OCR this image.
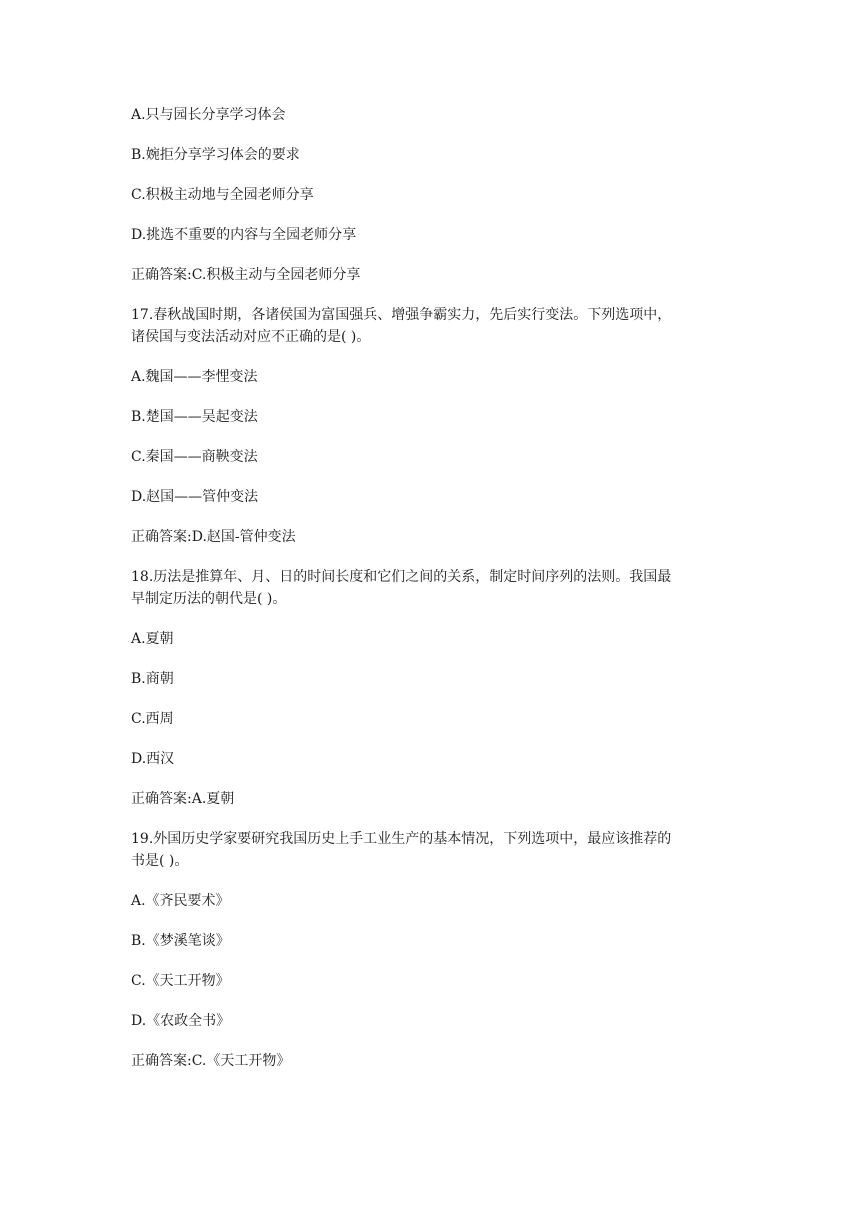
A.只与园长分享学习体会
B.婉拒分享学习体会的要求
C.积极主动地与全园老师分享
D.挑选不重要的内容与全园老师分享
正确答案:C.积极主动与全园老师分享
17.春秋战国时期，各诸侯国为富国强兵、增强争霸实力，先后实行变法。下列选项中，
诸侯国与变法活动对应不正确的是( )。
A.魏国——李悝变法
B.楚国——吴起变法
C.秦国——商鞅变法
D.赵国——管仲变法
正确答案:D.赵国-管仲变法
18.历法是推算年、月、日的时间长度和它们之间的关系，制定时间序列的法则。我国最
早制定历法的朝代是( )。
A.夏朝
B.商朝
C.西周
D.西汉
正确答案:A.夏朝
19.外国历史学家要研究我国历史上手工业生产的基本情况，下列选项中，最应该推荐的
书是( )。
A.《齐民要术》
B.《梦溪笔谈》
C.《天工开物》
D.《农政全书》
正确答案:C.《天工开物》
